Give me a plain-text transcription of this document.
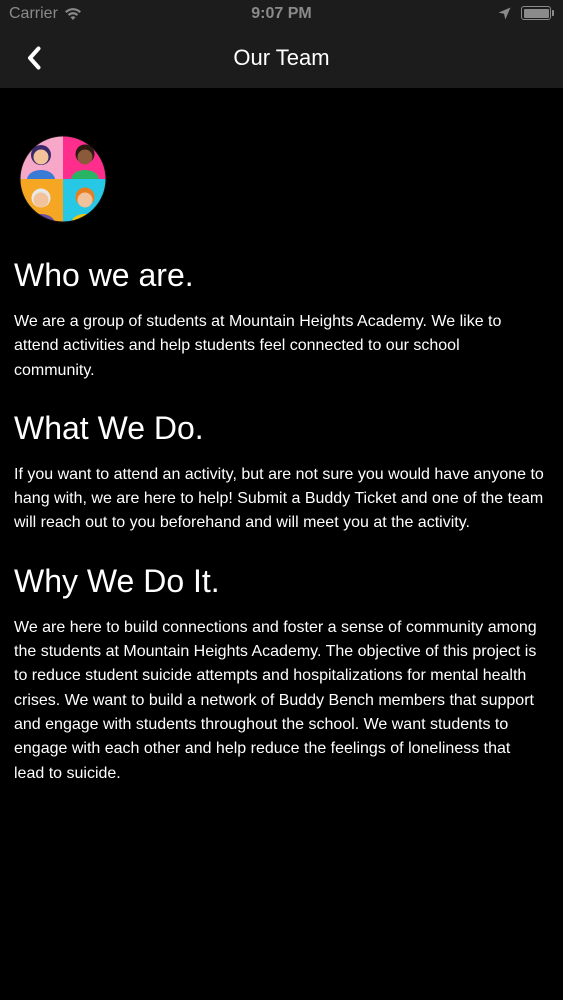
Carrier	9:07 PM
Our Team
Who we are.

We are a group of students at Mountain Heights Academy. We like to attend activities and help students feel connected to our school community.

What We Do.

If you want to attend an activity, but are not sure you would have anyone to hang with, we are here to help! Submit a Buddy Ticket and one of the team will reach out to you beforehand and will meet you at the activity.

Why We Do It.

We are here to build connections and foster a sense of community among the students at Mountain Heights Academy. The objective of this project is to reduce student suicide attempts and hospitalizations for mental health crises. We want to build a network of Buddy Bench members that support and engage with students throughout the school. We want students to engage with each other and help reduce the feelings of loneliness that lead to suicide.
